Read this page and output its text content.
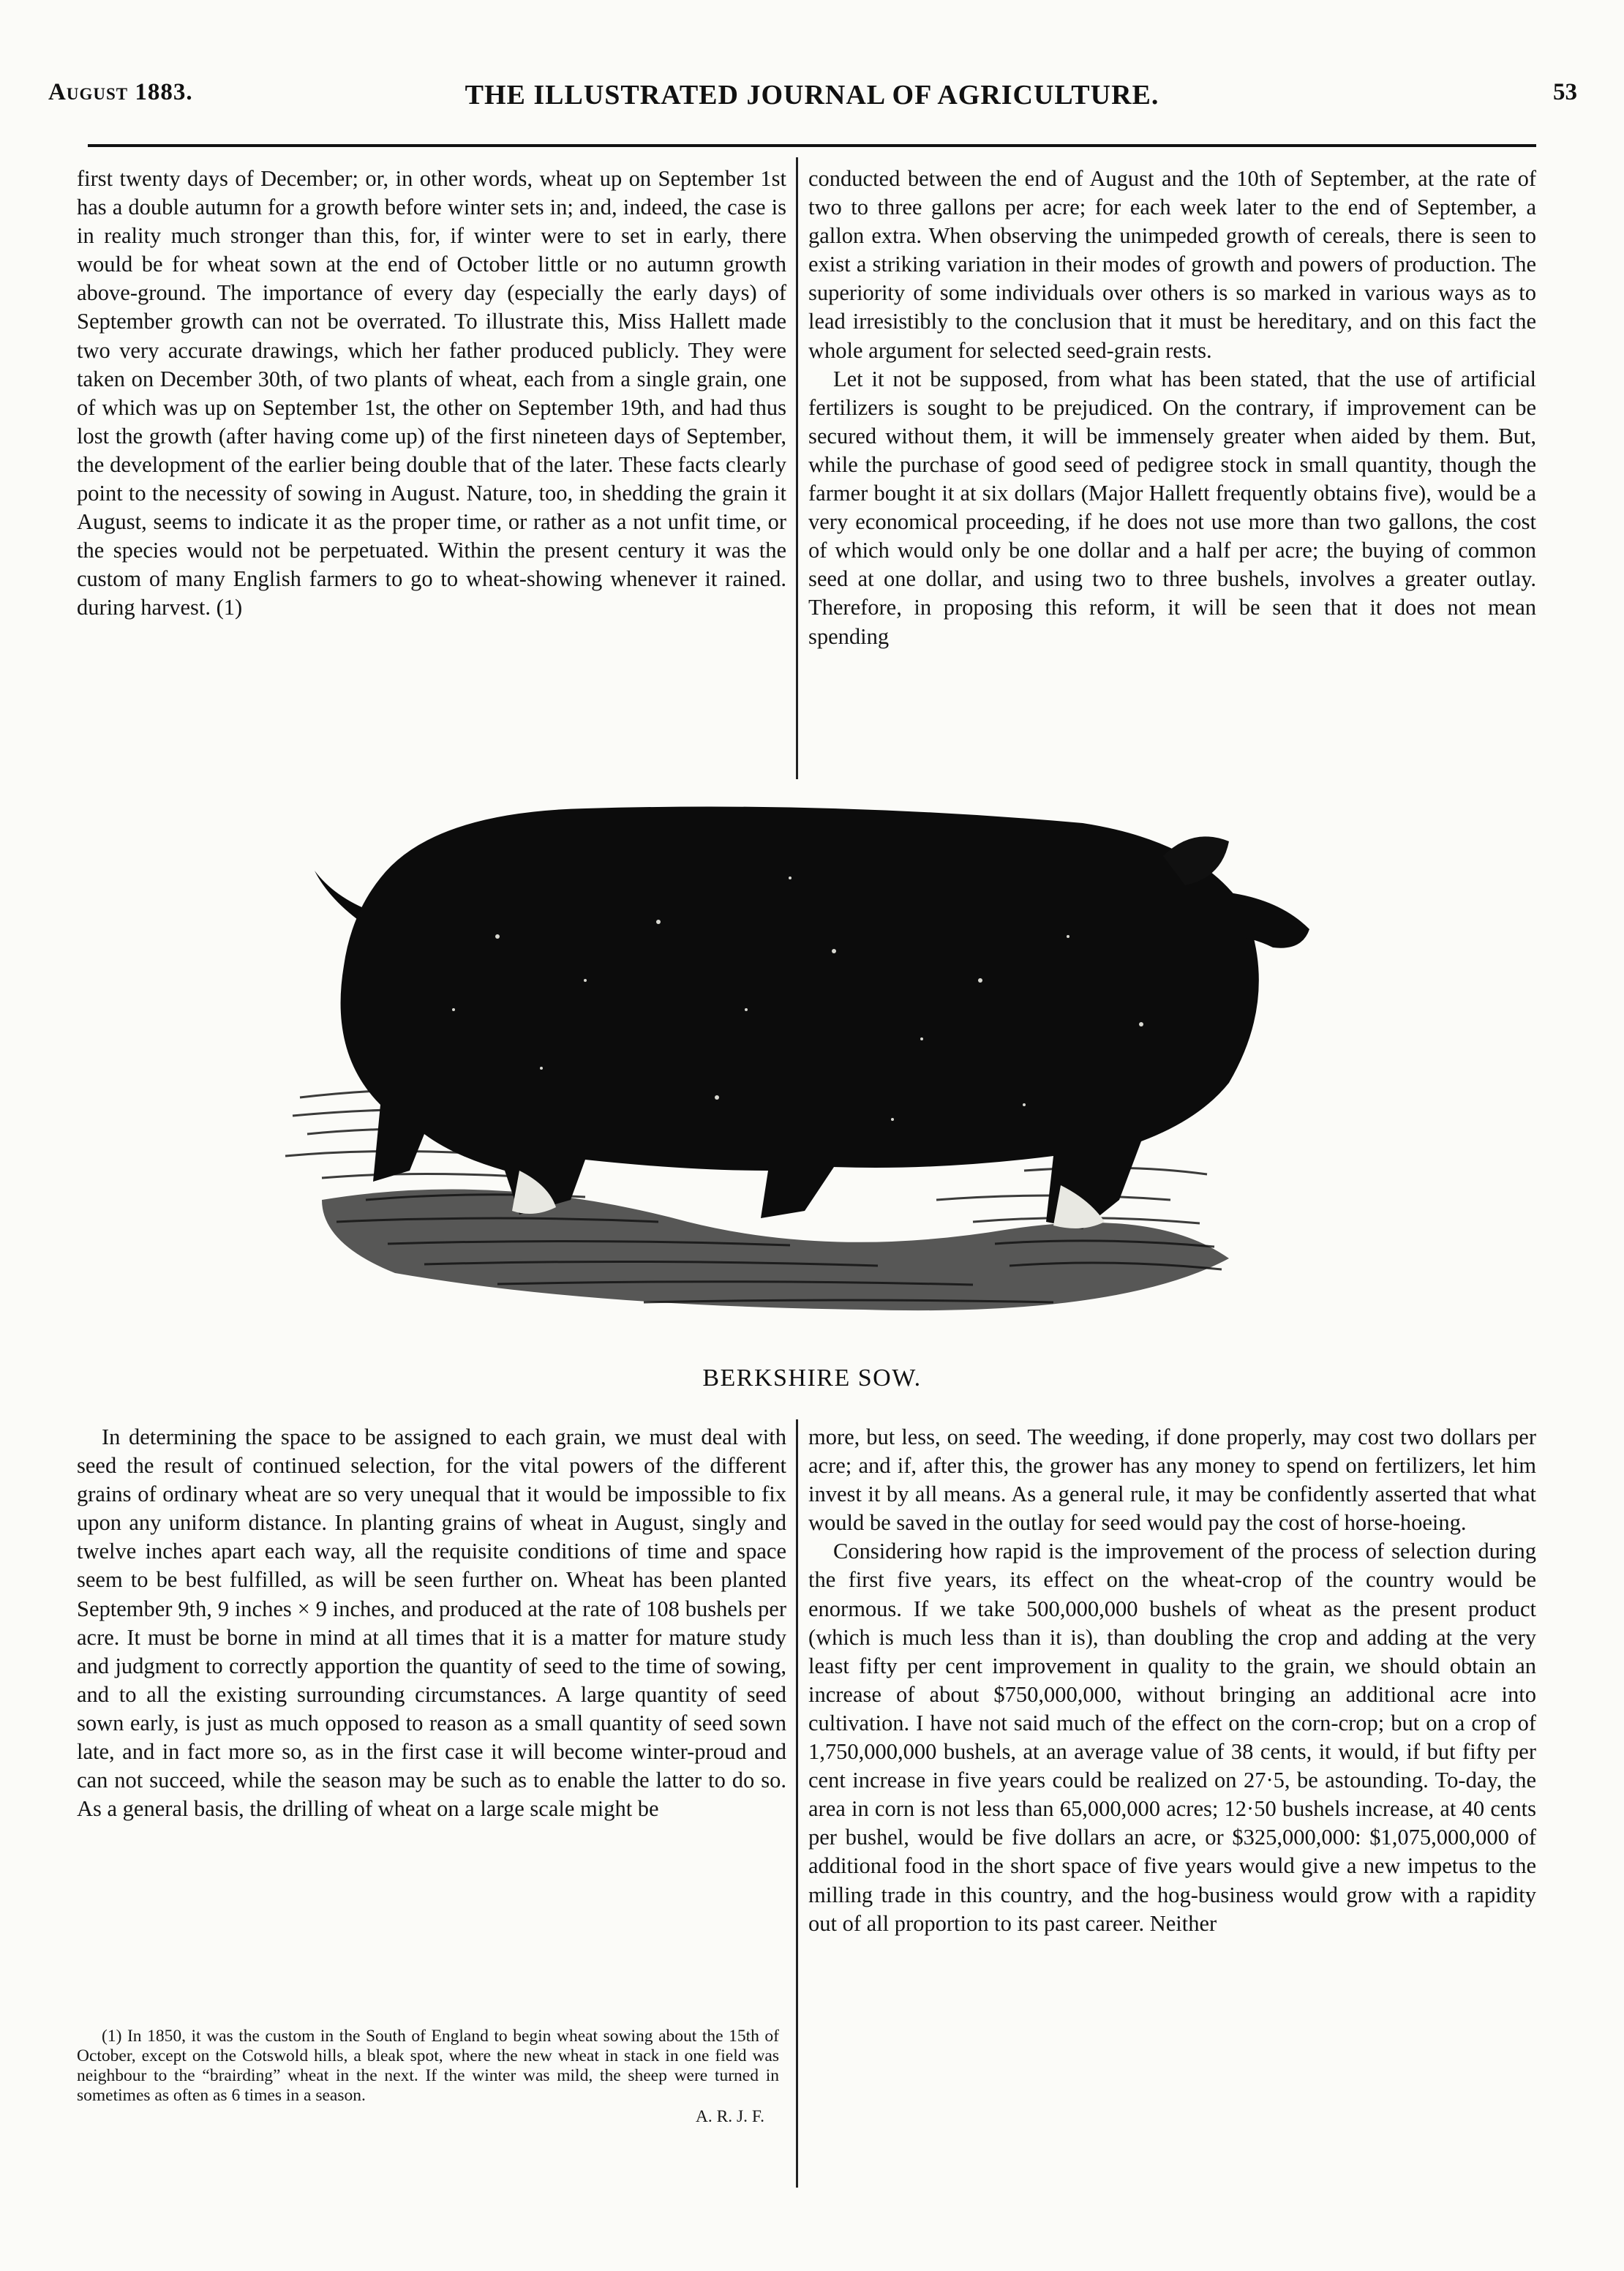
August 1883.	THE ILLUSTRATED JOURNAL OF AGRICULTURE.	53

first twenty days of December; or, in other words, wheat up on September 1st has a double autumn for a growth before winter sets in; and, indeed, the case is in reality much stronger than this, for, if winter were to set in early, there would be for wheat sown at the end of October little or no autumn growth above-ground. The importance of every day (especially the early days) of September growth can not be overrated. To illustrate this, Miss Hallett made two very accurate drawings, which her father produced publicly. They were taken on December 30th, of two plants of wheat, each from a single grain, one of which was up on September 1st, the other on September 19th, and had thus lost the growth (after having come up) of the first nineteen days of September, the development of the earlier being double that of the later. These facts clearly point to the necessity of sowing in August. Nature, too, in shedding the grain it August, seems to indicate it as the proper time, or rather as a not unfit time, or the species would not be perpetuated. Within the present century it was the custom of many English farmers to go to wheat-showing whenever it rained. during harvest. (1)

conducted between the end of August and the 10th of September, at the rate of two to three gallons per acre; for each week later to the end of September, a gallon extra. When observing the unimpeded growth of cereals, there is seen to exist a striking variation in their modes of growth and powers of production. The superiority of some individuals over others is so marked in various ways as to lead irresistibly to the conclusion that it must be hereditary, and on this fact the whole argument for selected seed-grain rests.

Let it not be supposed, from what has been stated, that the use of artificial fertilizers is sought to be prejudiced. On the contrary, if improvement can be secured without them, it will be immensely greater when aided by them. But, while the purchase of good seed of pedigree stock in small quantity, though the farmer bought it at six dollars (Major Hallett frequently obtains five), would be a very economical proceeding, if he does not use more than two gallons, the cost of which would only be one dollar and a half per acre; the buying of common seed at one dollar, and using two to three bushels, involves a greater outlay. Therefore, in proposing this reform, it will be seen that it does not mean spending

BERKSHIRE SOW.

In determining the space to be assigned to each grain, we must deal with seed the result of continued selection, for the vital powers of the different grains of ordinary wheat are so very unequal that it would be impossible to fix upon any uniform distance. In planting grains of wheat in August, singly and twelve inches apart each way, all the requisite conditions of time and space seem to be best fulfilled, as will be seen further on. Wheat has been planted September 9th, 9 inches × 9 inches, and produced at the rate of 108 bushels per acre. It must be borne in mind at all times that it is a matter for mature study and judgment to correctly apportion the quantity of seed to the time of sowing, and to all the existing surrounding circumstances. A large quantity of seed sown early, is just as much opposed to reason as a small quantity of seed sown late, and in fact more so, as in the first case it will become winter-proud and can not succeed, while the season may be such as to enable the latter to do so. As a general basis, the drilling of wheat on a large scale might be

more, but less, on seed. The weeding, if done properly, may cost two dollars per acre; and if, after this, the grower has any money to spend on fertilizers, let him invest it by all means. As a general rule, it may be confidently asserted that what would be saved in the outlay for seed would pay the cost of horse-hoeing.

Considering how rapid is the improvement of the process of selection during the first five years, its effect on the wheat-crop of the country would be enormous. If we take 500,000,000 bushels of wheat as the present product (which is much less than it is), than doubling the crop and adding at the very least fifty per cent improvement in quality to the grain, we should obtain an increase of about $750,000,000, without bringing an additional acre into cultivation. I have not said much of the effect on the corn-crop; but on a crop of 1,750,000,000 bushels, at an average value of 38 cents, it would, if but fifty per cent increase in five years could be realized on 27·5, be astounding. To-day, the area in corn is not less than 65,000,000 acres; 12·50 bushels increase, at 40 cents per bushel, would be five dollars an acre, or $325,000,000: $1,075,000,000 of additional food in the short space of five years would give a new impetus to the milling trade in this country, and the hog-business would grow with a rapidity out of all proportion to its past career. Neither

(1) In 1850, it was the custom in the South of England to begin wheat sowing about the 15th of October, except on the Cotswold hills, a bleak spot, where the new wheat in stack in one field was neighbour to the “brairding” wheat in the next. If the winter was mild, the sheep were turned in sometimes as often as 6 times in a season.

A. R. J. F.
